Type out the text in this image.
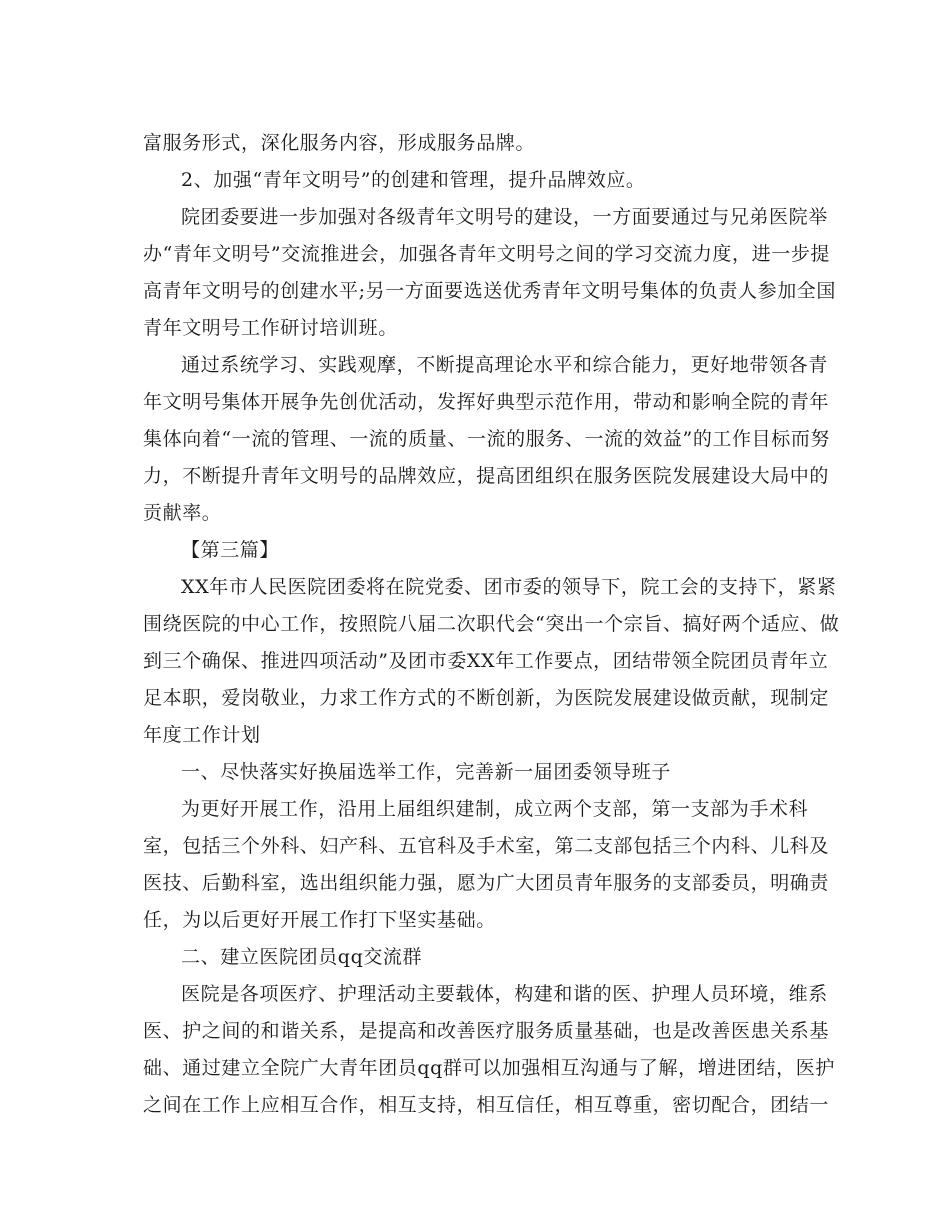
富服务形式，深化服务内容，形成服务品牌。
2、加强“青年文明号”的创建和管理，提升品牌效应。
院团委要进一步加强对各级青年文明号的建设，一方面要通过与兄弟医院举
办“青年文明号”交流推进会，加强各青年文明号之间的学习交流力度，进一步提
高青年文明号的创建水平;另一方面要选送优秀青年文明号集体的负责人参加全国
青年文明号工作研讨培训班。
通过系统学习、实践观摩，不断提高理论水平和综合能力，更好地带领各青
年文明号集体开展争先创优活动，发挥好典型示范作用，带动和影响全院的青年
集体向着“一流的管理、一流的质量、一流的服务、一流的效益”的工作目标而努
力，不断提升青年文明号的品牌效应，提高团组织在服务医院发展建设大局中的
贡献率。
【第三篇】
XX年市人民医院团委将在院党委、团市委的领导下，院工会的支持下，紧紧
围绕医院的中心工作，按照院八届二次职代会“突出一个宗旨、搞好两个适应、做
到三个确保、推进四项活动”及团市委XX年工作要点，团结带领全院团员青年立
足本职，爱岗敬业，力求工作方式的不断创新，为医院发展建设做贡献，现制定
年度工作计划
一、尽快落实好换届选举工作，完善新一届团委领导班子
为更好开展工作，沿用上届组织建制，成立两个支部，第一支部为手术科
室，包括三个外科、妇产科、五官科及手术室，第二支部包括三个内科、儿科及
医技、后勤科室，选出组织能力强，愿为广大团员青年服务的支部委员，明确责
任，为以后更好开展工作打下坚实基础。
二、建立医院团员qq交流群
医院是各项医疗、护理活动主要载体，构建和谐的医、护理人员环境，维系
医、护之间的和谐关系，是提高和改善医疗服务质量基础，也是改善医患关系基
础、通过建立全院广大青年团员qq群可以加强相互沟通与了解，增进团结，医护
之间在工作上应相互合作，相互支持，相互信任，相互尊重，密切配合，团结一
